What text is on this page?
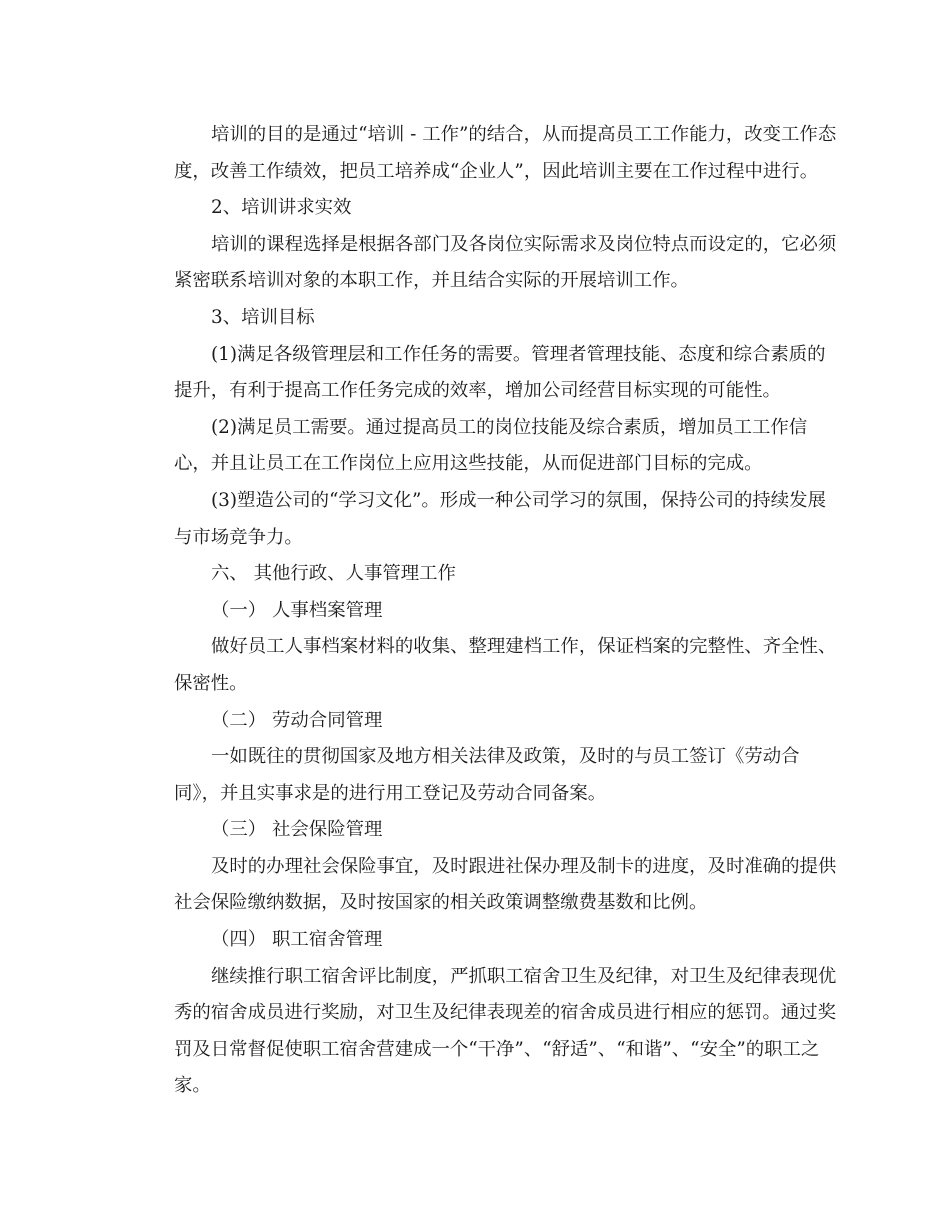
培训的目的是通过“培训 - 工作”的结合，从而提高员工工作能力，改变工作态
度，改善工作绩效，把员工培养成“企业人”，因此培训主要在工作过程中进行。
2、培训讲求实效
培训的课程选择是根据各部门及各岗位实际需求及岗位特点而设定的，它必须
紧密联系培训对象的本职工作，并且结合实际的开展培训工作。
3、培训目标
(1)满足各级管理层和工作任务的需要。管理者管理技能、态度和综合素质的
提升，有利于提高工作任务完成的效率，增加公司经营目标实现的可能性。
(2)满足员工需要。通过提高员工的岗位技能及综合素质，增加员工工作信
心，并且让员工在工作岗位上应用这些技能，从而促进部门目标的完成。
(3)塑造公司的“学习文化”。形成一种公司学习的氛围，保持公司的持续发展
与市场竞争力。
六、 其他行政、人事管理工作
（一） 人事档案管理
做好员工人事档案材料的收集、整理建档工作，保证档案的完整性、齐全性、
保密性。
（二） 劳动合同管理
一如既往的贯彻国家及地方相关法律及政策，及时的与员工签订《劳动合
同》，并且实事求是的进行用工登记及劳动合同备案。
（三） 社会保险管理
及时的办理社会保险事宜，及时跟进社保办理及制卡的进度，及时准确的提供
社会保险缴纳数据，及时按国家的相关政策调整缴费基数和比例。
（四） 职工宿舍管理
继续推行职工宿舍评比制度，严抓职工宿舍卫生及纪律，对卫生及纪律表现优
秀的宿舍成员进行奖励，对卫生及纪律表现差的宿舍成员进行相应的惩罚。通过奖
罚及日常督促使职工宿舍营建成一个“干净”、“舒适”、“和谐”、“安全”的职工之
家。
